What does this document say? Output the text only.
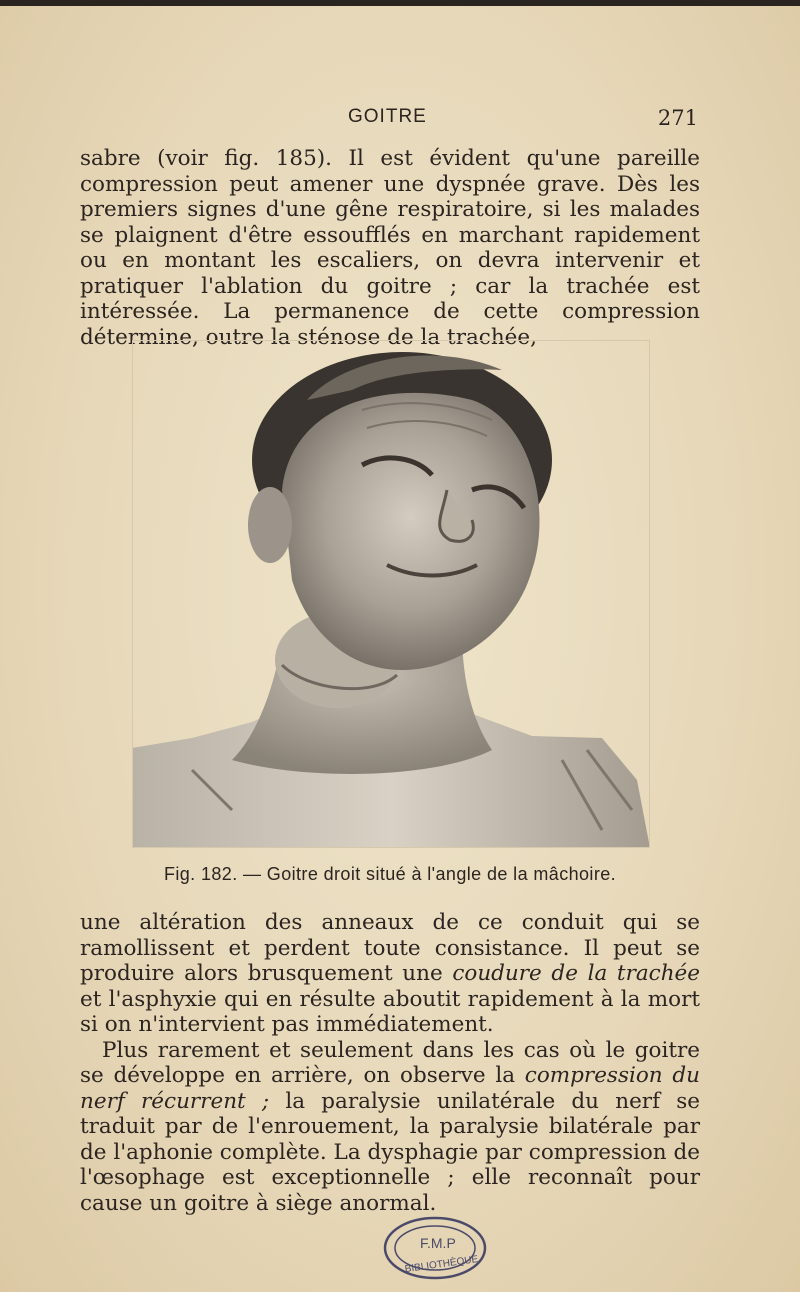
GOITRE	271

sabre (voir fig. 185). Il est évident qu'une pareille compression peut amener une dyspnée grave. Dès les premiers signes d'une gêne respiratoire, si les malades se plaignent d'être essoufflés en marchant rapidement ou en montant les escaliers, on devra intervenir et pratiquer l'ablation du goitre ; car la trachée est intéressée. La permanence de cette compression détermine, outre la sténose de la trachée,

Fig. 182. — Goitre droit situé à l'angle de la mâchoire.

une altération des anneaux de ce conduit qui se ramollissent et perdent toute consistance. Il peut se produire alors brusquement une coudure de la trachée et l'asphyxie qui en résulte aboutit rapidement à la mort si on n'intervient pas immédiatement.

Plus rarement et seulement dans les cas où le goitre se développe en arrière, on observe la compression du nerf récurrent ; la paralysie unilatérale du nerf se traduit par de l'enrouement, la paralysie bilatérale par de l'aphonie complète. La dysphagie par compression de l'œsophage est exceptionnelle ; elle reconnaît pour cause un goitre à siège anormal.

F.M.P
BIBLIOTHÈQUE
